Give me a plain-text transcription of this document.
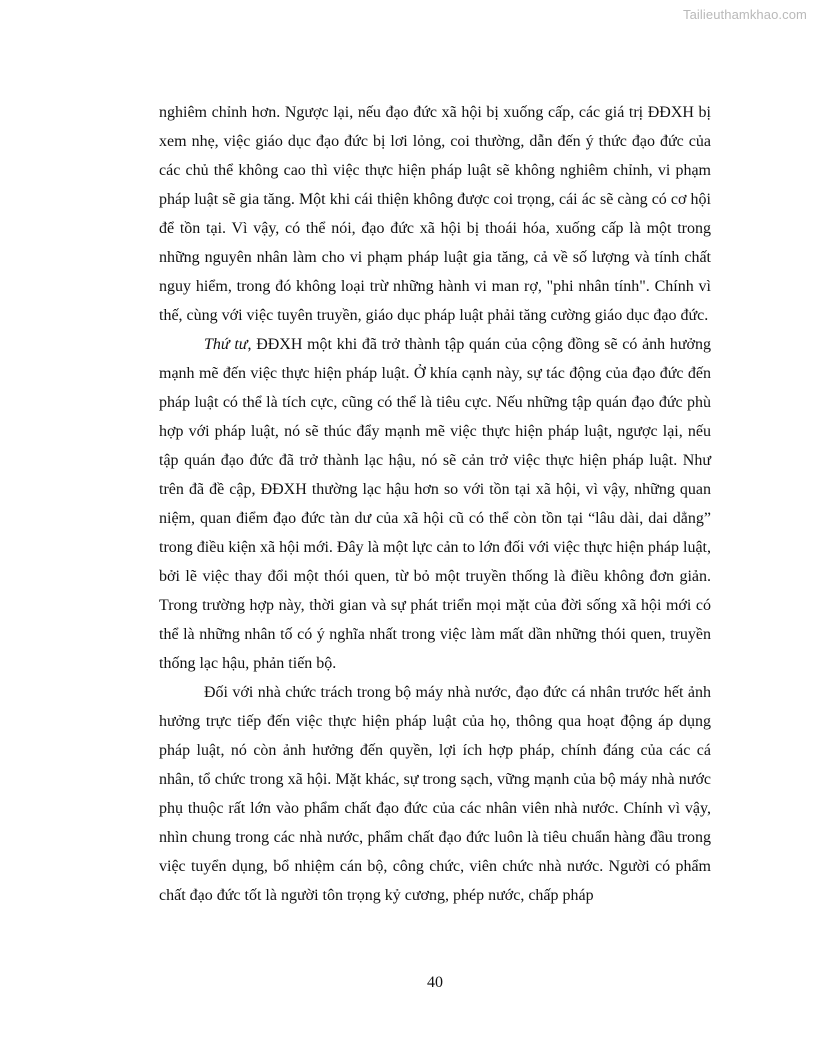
Tailieuthamkhao.com

nghiêm chỉnh hơn. Ngược lại, nếu đạo đức xã hội bị xuống cấp, các giá trị ĐĐXH bị xem nhẹ, việc giáo dục đạo đức bị lơi lỏng, coi thường, dẫn đến ý thức đạo đức của các chủ thể không cao thì việc thực hiện pháp luật sẽ không nghiêm chỉnh, vi phạm pháp luật sẽ gia tăng. Một khi cái thiện không được coi trọng, cái ác sẽ càng có cơ hội để tồn tại. Vì vậy, có thể nói, đạo đức xã hội bị thoái hóa, xuống cấp là một trong những nguyên nhân làm cho vi phạm pháp luật gia tăng, cả về số lượng và tính chất nguy hiểm, trong đó không loại trừ những hành vi man rợ, "phi nhân tính". Chính vì thế, cùng với việc tuyên truyền, giáo dục pháp luật phải tăng cường giáo dục đạo đức.

Thứ tư, ĐĐXH một khi đã trở thành tập quán của cộng đồng sẽ có ảnh hưởng mạnh mẽ đến việc thực hiện pháp luật. Ở khía cạnh này, sự tác động của đạo đức đến pháp luật có thể là tích cực, cũng có thể là tiêu cực. Nếu những tập quán đạo đức phù hợp với pháp luật, nó sẽ thúc đẩy mạnh mẽ việc thực hiện pháp luật, ngược lại, nếu tập quán đạo đức đã trở thành lạc hậu, nó sẽ cản trở việc thực hiện pháp luật. Như trên đã đề cập, ĐĐXH thường lạc hậu hơn so với tồn tại xã hội, vì vậy, những quan niệm, quan điểm đạo đức tàn dư của xã hội cũ có thể còn tồn tại “lâu dài, dai dẳng” trong điều kiện xã hội mới. Đây là một lực cản to lớn đối với việc thực hiện pháp luật, bởi lẽ việc thay đổi một thói quen, từ bỏ một truyền thống là điều không đơn giản. Trong trường hợp này, thời gian và sự phát triển mọi mặt của đời sống xã hội mới có thể là những nhân tố có ý nghĩa nhất trong việc làm mất dần những thói quen, truyền thống lạc hậu, phản tiến bộ.

Đối với nhà chức trách trong bộ máy nhà nước, đạo đức cá nhân trước hết ảnh hưởng trực tiếp đến việc thực hiện pháp luật của họ, thông qua hoạt động áp dụng pháp luật, nó còn ảnh hưởng đến quyền, lợi ích hợp pháp, chính đáng của các cá nhân, tổ chức trong xã hội. Mặt khác, sự trong sạch, vững mạnh của bộ máy nhà nước phụ thuộc rất lớn vào phẩm chất đạo đức của các nhân viên nhà nước. Chính vì vậy, nhìn chung trong các nhà nước, phẩm chất đạo đức luôn là tiêu chuẩn hàng đầu trong việc tuyển dụng, bổ nhiệm cán bộ, công chức, viên chức nhà nước. Người có phẩm chất đạo đức tốt là người tôn trọng kỷ cương, phép nước, chấp pháp

40
